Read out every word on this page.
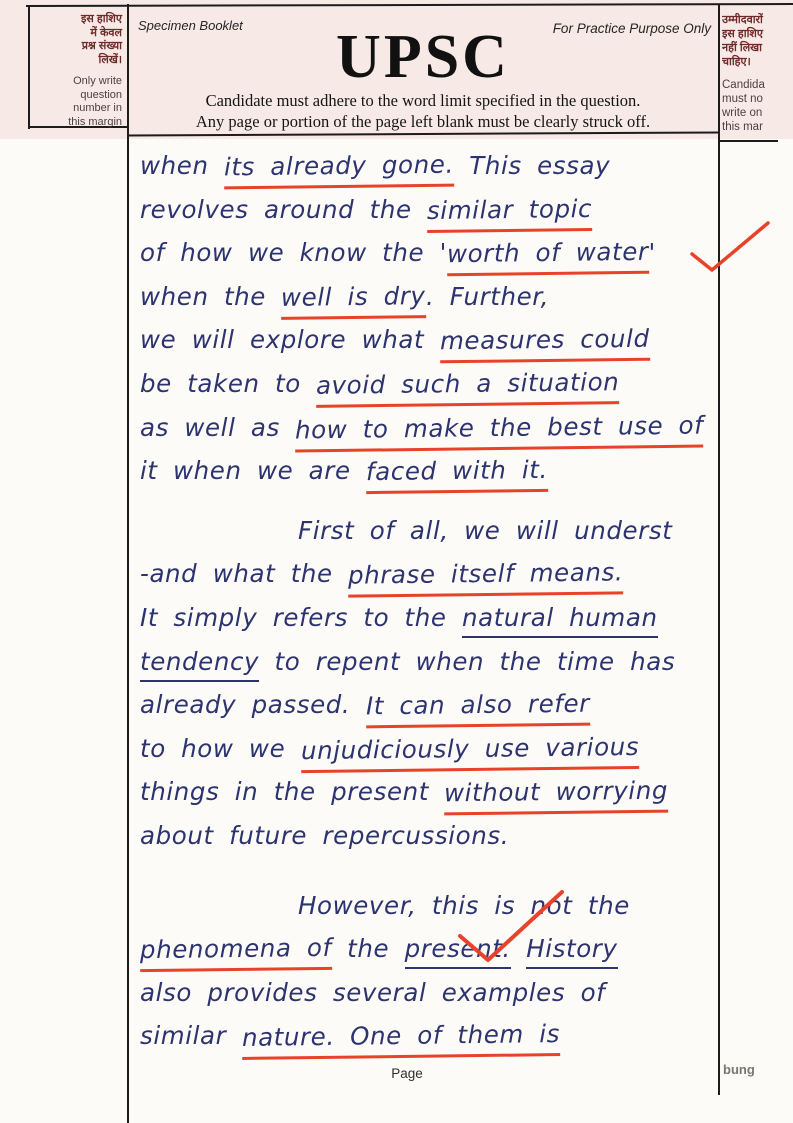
इस हाशिए
में केवल
प्रश्न संख्या
लिखें।
Only write
question
number in
this margin
उम्मीदवारों
इस हाशिए
नहीं लिखा
चाहिए।
Candida
must no
write on
this mar
Specimen Booklet	For Practice Purpose Only
UPSC
Candidate must adhere to the word limit specified in the question.
Any page or portion of the page left blank must be clearly struck off.
when its already gone. This essay
revolves around the similar topic
of how we know the 'worth of water'
when the well is dry. Further,
we will explore what measures could
be taken to avoid such a situation
as well as how to make the best use of
it when we are faced with it.
First of all, we will underst
-and what the phrase itself means.
It simply refers to the natural human
tendency to repent when the time has
already passed. It can also refer
to how we unjudiciously use various
things in the present without worrying
about future repercussions.
However, this is not the
phenomena of the present. History
also provides several examples of
similar nature. One of them is
Page	bung
